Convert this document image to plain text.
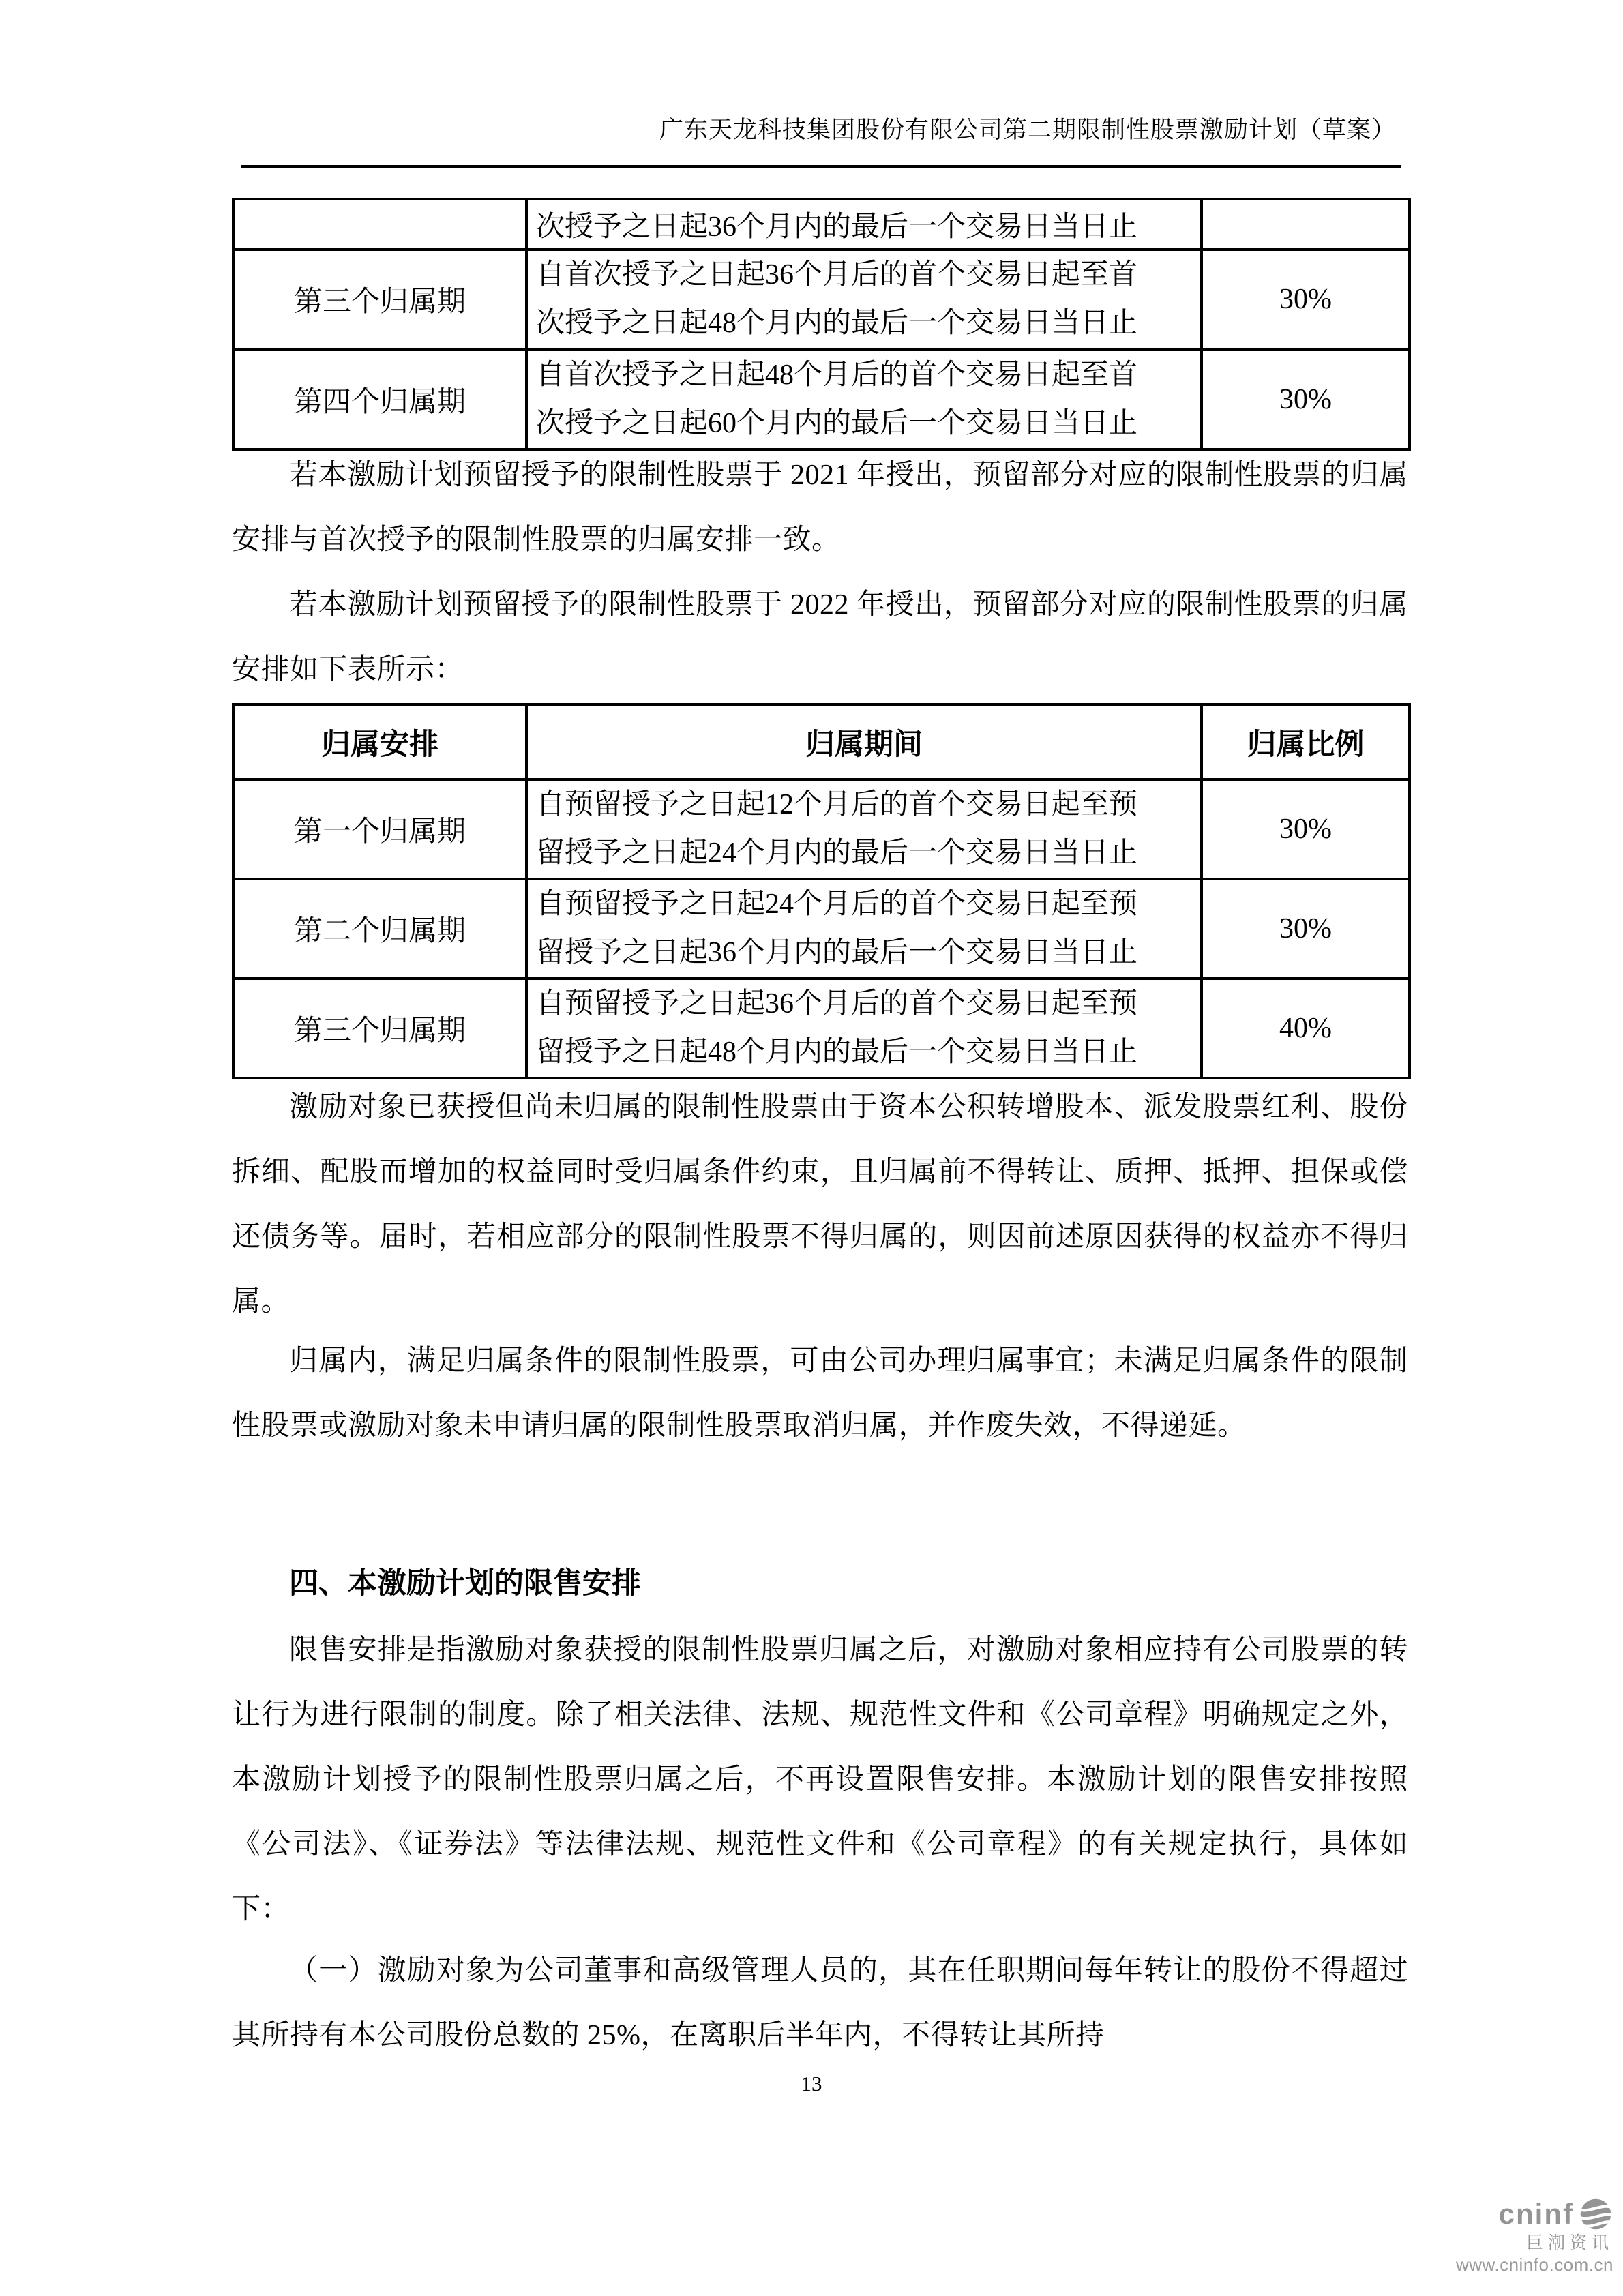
广东天龙科技集团股份有限公司第二期限制性股票激励计划（草案）

	次授予之日起36个月内的最后一个交易日当日止	

第三个归属期	自首次授予之日起36个月后的首个交易日起至首
次授予之日起48个月内的最后一个交易日当日止	30%
第四个归属期	自首次授予之日起48个月后的首个交易日起至首
次授予之日起60个月内的最后一个交易日当日止	30%

若本激励计划预留授予的限制性股票于 2021 年授出，预留部分对应的限制性股票的归属安排与首次授予的限制性股票的归属安排一致。

若本激励计划预留授予的限制性股票于 2022 年授出，预留部分对应的限制性股票的归属安排如下表所示：

归属安排	归属期间	归属比例
第一个归属期	自预留授予之日起12个月后的首个交易日起至预
留授予之日起24个月内的最后一个交易日当日止	30%
第二个归属期	自预留授予之日起24个月后的首个交易日起至预
留授予之日起36个月内的最后一个交易日当日止	30%
第三个归属期	自预留授予之日起36个月后的首个交易日起至预
留授予之日起48个月内的最后一个交易日当日止	40%

激励对象已获授但尚未归属的限制性股票由于资本公积转增股本、派发股票红利、股份拆细、配股而增加的权益同时受归属条件约束，且归属前不得转让、质押、抵押、担保或偿还债务等。届时，若相应部分的限制性股票不得归属的，则因前述原因获得的权益亦不得归属。

归属内，满足归属条件的限制性股票，可由公司办理归属事宜；未满足归属条件的限制性股票或激励对象未申请归属的限制性股票取消归属，并作废失效，不得递延。

四、本激励计划的限售安排

限售安排是指激励对象获授的限制性股票归属之后，对激励对象相应持有公司股票的转让行为进行限制的制度。除了相关法律、法规、规范性文件和《公司章程》明确规定之外，本激励计划授予的限制性股票归属之后，不再设置限售安排。本激励计划的限售安排按照《公司法》、《证券法》等法律法规、规范性文件和《公司章程》的有关规定执行，具体如下：

（一）激励对象为公司董事和高级管理人员的，其在任职期间每年转让的股份不得超过其所持有本公司股份总数的 25%，在离职后半年内，不得转让其所持

13
cninf
巨潮资讯
www.cninfo.com.cn
